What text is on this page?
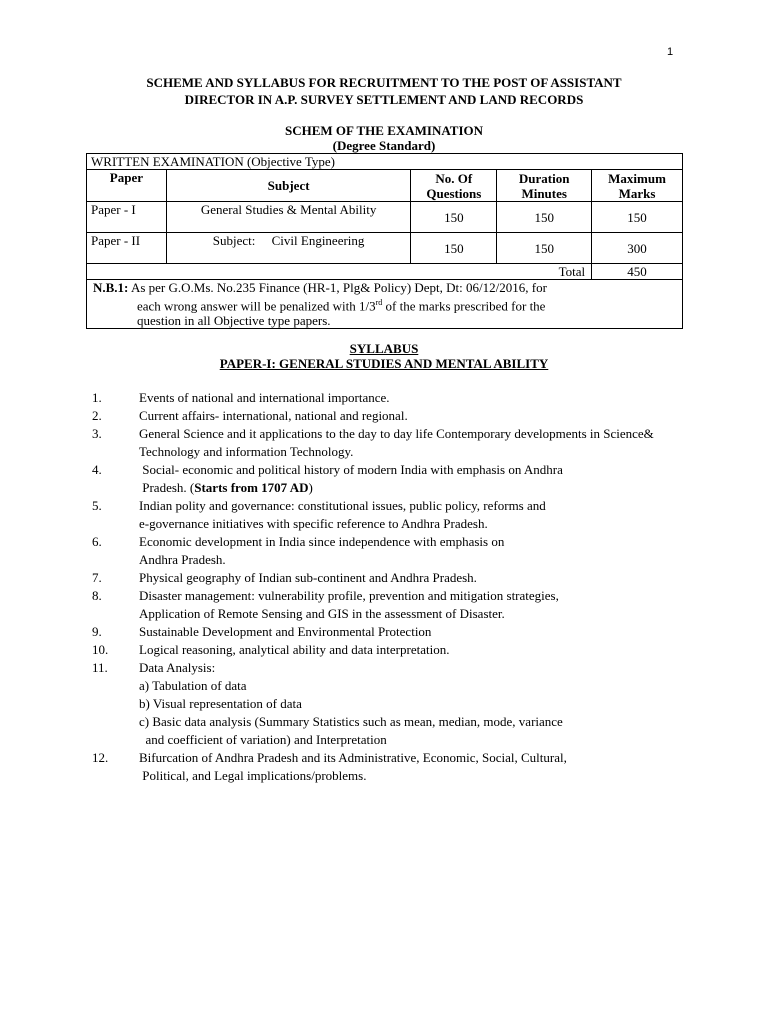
1
SCHEME AND SYLLABUS FOR RECRUITMENT TO THE POST OF ASSISTANT
DIRECTOR IN A.P. SURVEY SETTLEMENT AND LAND RECORDS
SCHEM OF THE EXAMINATION
(Degree Standard)
WRITTEN EXAMINATION (Objective Type)				
Paper	Subject	No. Of Questions	Duration Minutes	Maximum Marks
Paper - I	General Studies & Mental Ability	150	150	150
Paper - II	Subject:     Civil Engineering	150	150	300
Total				450
N.B.1: As per G.O.Ms. No.235 Finance (HR-1, Plg& Policy) Dept, Dt: 06/12/2016, for
each wrong answer will be penalized with 1/3rd of the marks prescribed for the
question in all Objective type papers.				
SYLLABUS
PAPER-I: GENERAL STUDIES AND MENTAL ABILITY
1.	Events of national and international importance.
2.	Current affairs- international, national and regional.
3.	General Science and it applications to the day to day life Contemporary developments in Science&
Technology and information Technology.
4.	Social- economic and political history of modern India with emphasis on Andhra
Pradesh. (Starts from 1707 AD)
5.	Indian polity and governance: constitutional issues, public policy, reforms and
e-governance initiatives with specific reference to Andhra Pradesh.
6.	Economic development in India since independence with emphasis on
Andhra Pradesh.
7.	Physical geography of Indian sub-continent and Andhra Pradesh.
8.	Disaster management: vulnerability profile, prevention and mitigation strategies,
Application of Remote Sensing and GIS in the assessment of Disaster.
9.	Sustainable Development and Environmental Protection
10.	Logical reasoning, analytical ability and data interpretation.
11.	Data Analysis:
a) Tabulation of data
b) Visual representation of data
c) Basic data analysis (Summary Statistics such as mean, median, mode, variance
and coefficient of variation) and Interpretation
12.	Bifurcation of Andhra Pradesh and its Administrative, Economic, Social, Cultural,
Political, and Legal implications/problems.
